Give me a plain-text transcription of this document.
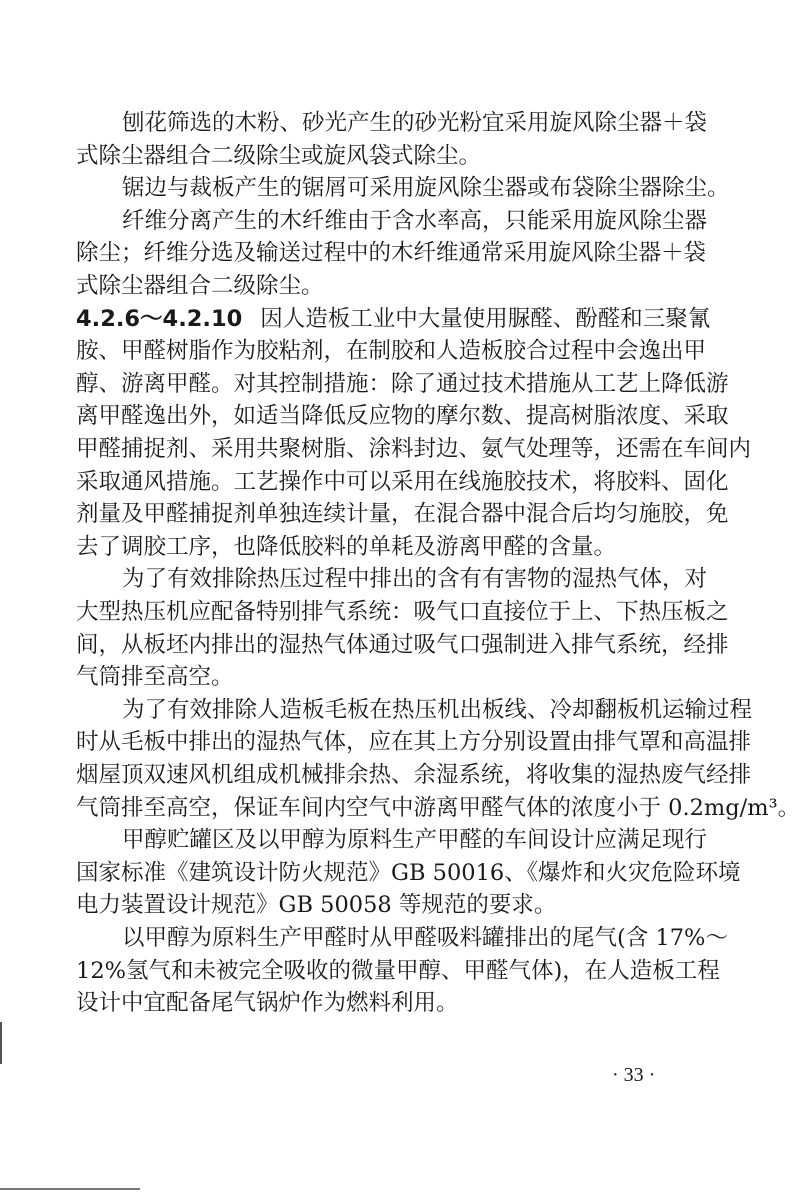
刨花筛选的木粉、砂光产生的砂光粉宜采用旋风除尘器＋袋
式除尘器组合二级除尘或旋风袋式除尘。
锯边与裁板产生的锯屑可采用旋风除尘器或布袋除尘器除尘。
纤维分离产生的木纤维由于含水率高，只能采用旋风除尘器
除尘；纤维分选及输送过程中的木纤维通常采用旋风除尘器＋袋
式除尘器组合二级除尘。
4.2.6～4.2.10 因人造板工业中大量使用脲醛、酚醛和三聚氰
胺、甲醛树脂作为胶粘剂，在制胶和人造板胶合过程中会逸出甲
醇、游离甲醛。对其控制措施：除了通过技术措施从工艺上降低游
离甲醛逸出外，如适当降低反应物的摩尔数、提高树脂浓度、采取
甲醛捕捉剂、采用共聚树脂、涂料封边、氨气处理等，还需在车间内
采取通风措施。工艺操作中可以采用在线施胶技术，将胶料、固化
剂量及甲醛捕捉剂单独连续计量，在混合器中混合后均匀施胶，免
去了调胶工序，也降低胶料的单耗及游离甲醛的含量。
为了有效排除热压过程中排出的含有有害物的湿热气体，对
大型热压机应配备特别排气系统：吸气口直接位于上、下热压板之
间，从板坯内排出的湿热气体通过吸气口强制进入排气系统，经排
气筒排至高空。
为了有效排除人造板毛板在热压机出板线、冷却翻板机运输过程
时从毛板中排出的湿热气体，应在其上方分别设置由排气罩和高温排
烟屋顶双速风机组成机械排余热、余湿系统，将收集的湿热废气经排
气筒排至高空，保证车间内空气中游离甲醛气体的浓度小于 0.2mg/m³。
甲醇贮罐区及以甲醇为原料生产甲醛的车间设计应满足现行
国家标准《建筑设计防火规范》GB 50016、《爆炸和火灾危险环境
电力装置设计规范》GB 50058 等规范的要求。
以甲醇为原料生产甲醛时从甲醛吸料罐排出的尾气(含 17%～
12%氢气和未被完全吸收的微量甲醇、甲醛气体)，在人造板工程
设计中宜配备尾气锅炉作为燃料利用。
· 33 ·
